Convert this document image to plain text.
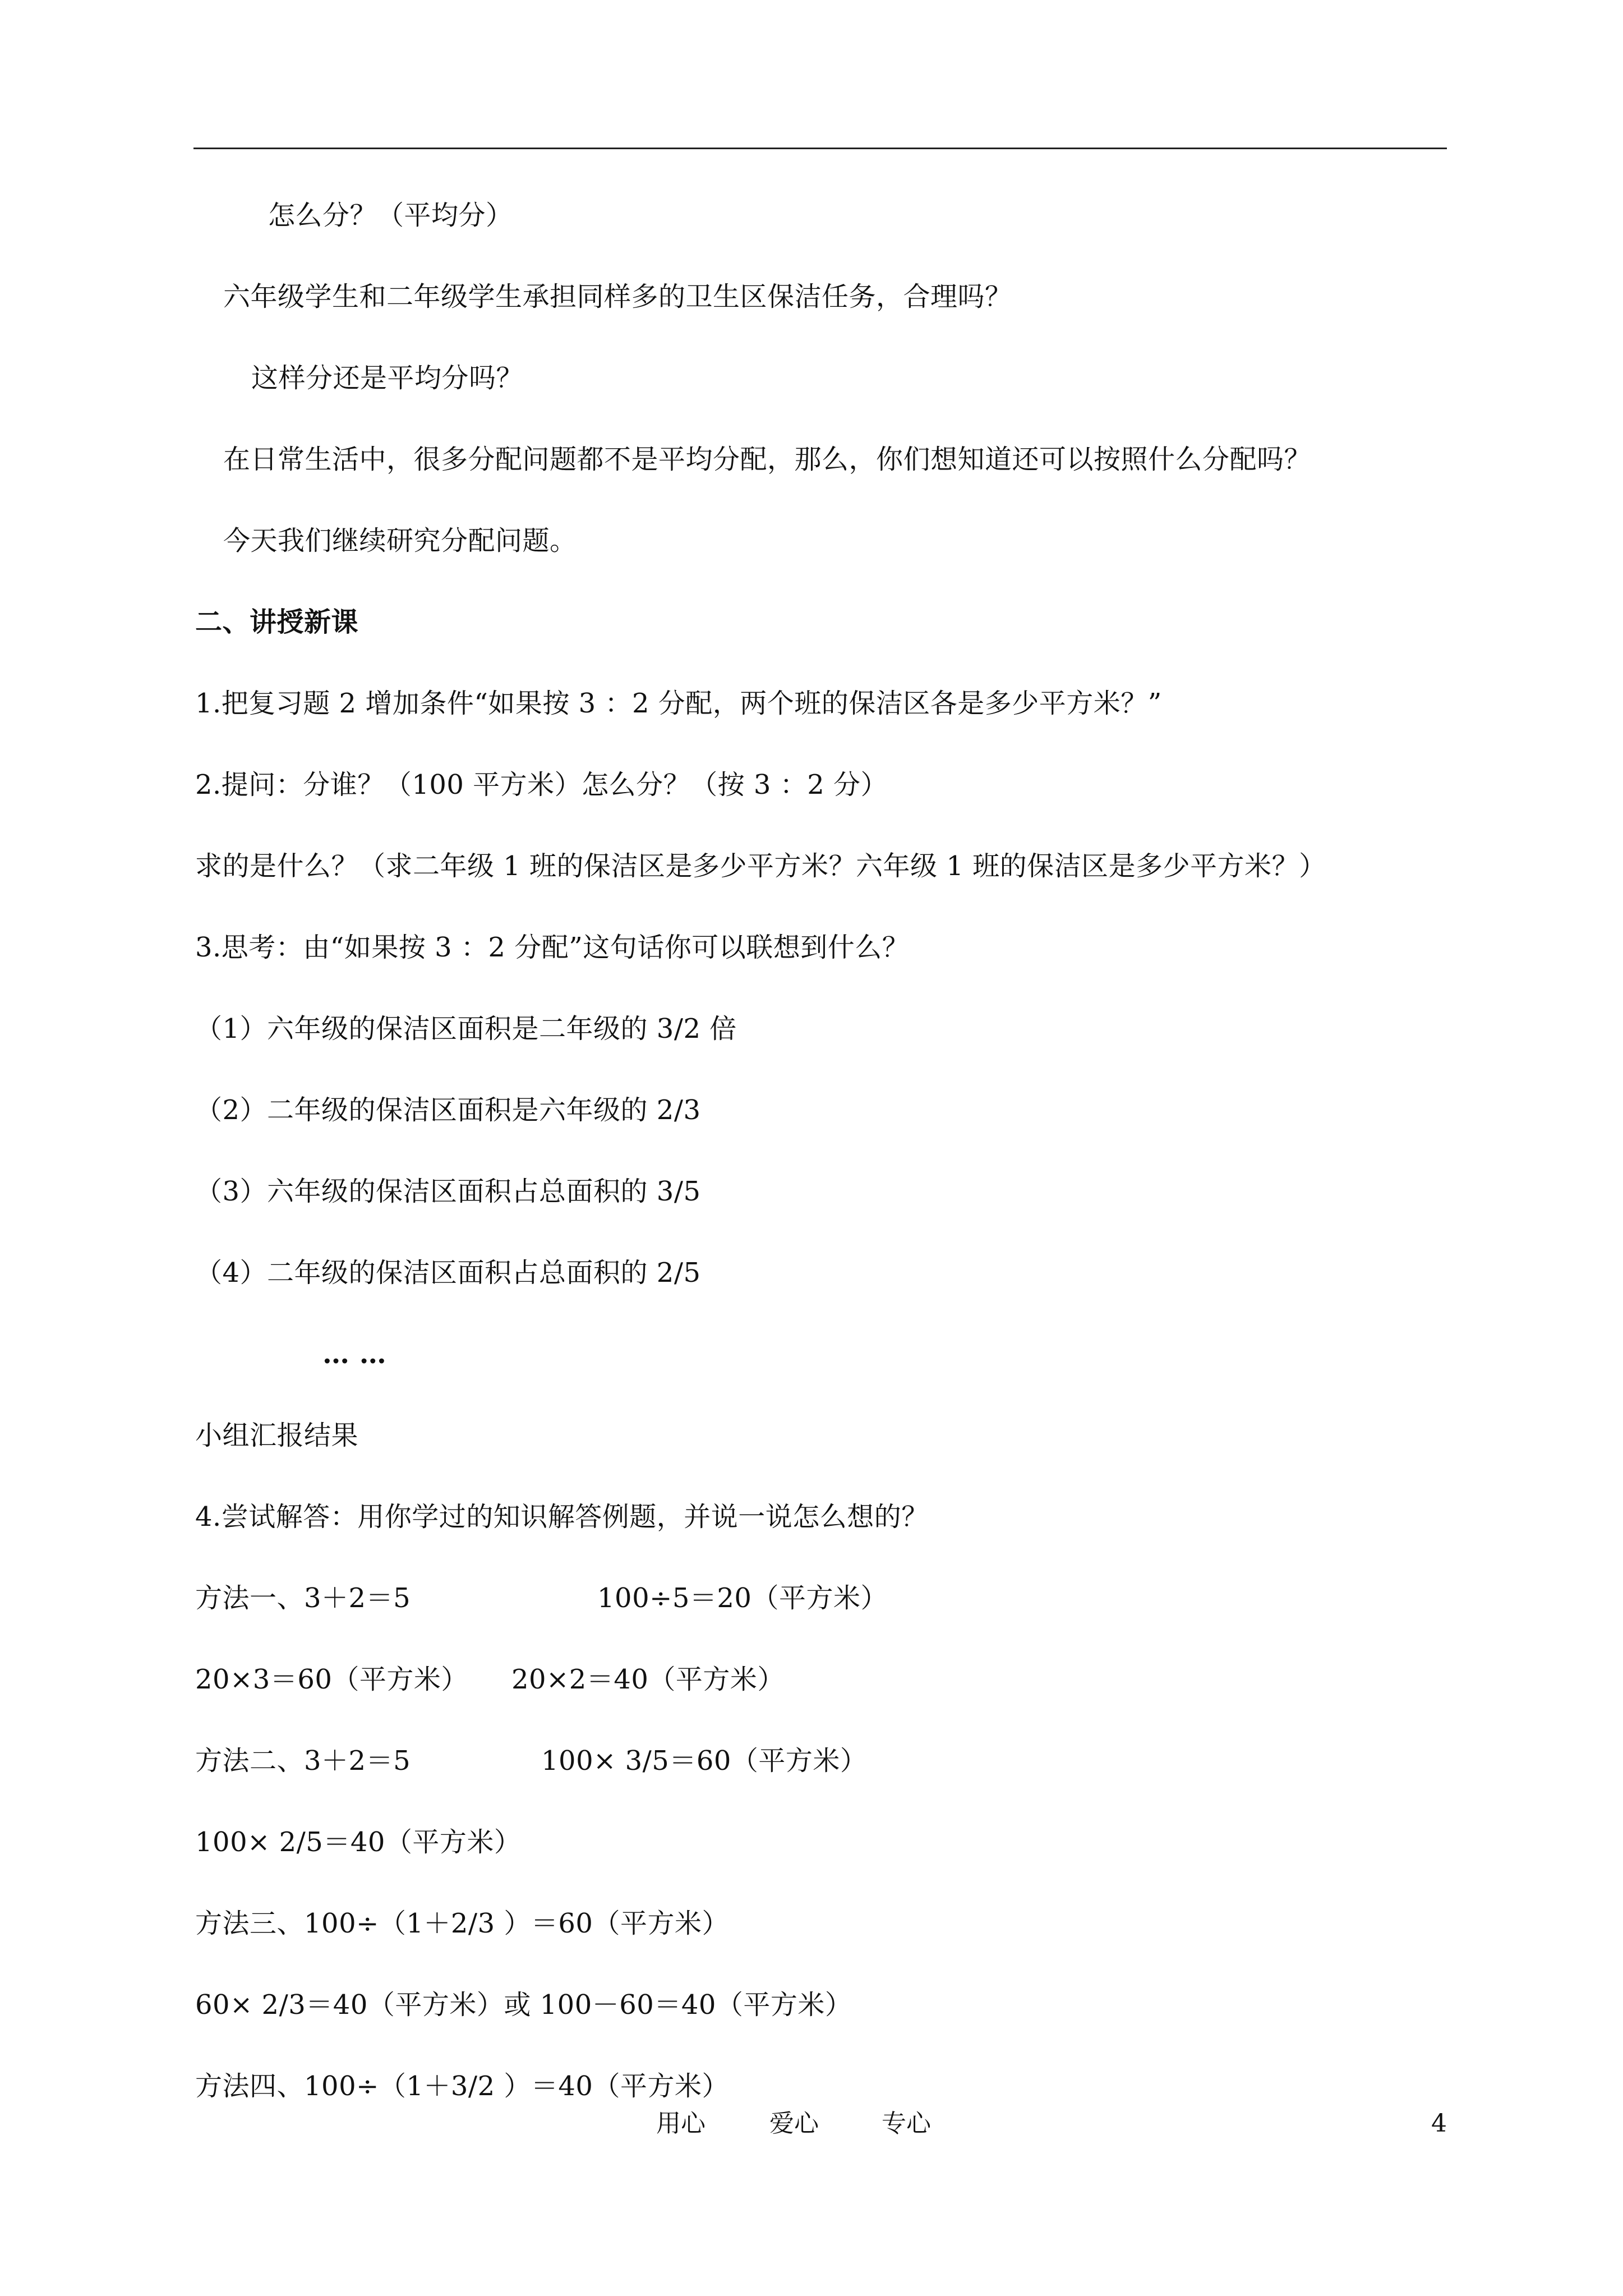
怎么分？（平均分）
六年级学生和二年级学生承担同样多的卫生区保洁任务，合理吗？
这样分还是平均分吗？
在日常生活中，很多分配问题都不是平均分配，那么，你们想知道还可以按照什么分配吗？
今天我们继续研究分配问题。
二、讲授新课
1.把复习题 2 增加条件“如果按 3 ：2 分配，两个班的保洁区各是多少平方米？”
2.提问：分谁？（100 平方米）怎么分？（按 3 ：2 分）
求的是什么？（求二年级 1 班的保洁区是多少平方米？六年级 1 班的保洁区是多少平方米？）
3.思考：由“如果按 3 ：2 分配”这句话你可以联想到什么？
（1）六年级的保洁区面积是二年级的 3/2 倍
（2）二年级的保洁区面积是六年级的 2/3
（3）六年级的保洁区面积占总面积的 3/5
（4）二年级的保洁区面积占总面积的 2/5
… …
小组汇报结果
4.尝试解答：用你学过的知识解答例题，并说一说怎么想的？
方法一、3＋2＝5	100÷5＝20（平方米）
20×3＝60（平方米） 20×2＝40（平方米）
方法二、3＋2＝5	100× 3/5＝60（平方米）
100× 2/5＝40（平方米）
方法三、100÷（1＋2/3 ）＝60（平方米）
60× 2/3＝40（平方米）或 100－60＝40（平方米）
方法四、100÷（1＋3/2 ）＝40（平方米）
用心	爱心	专心	4
